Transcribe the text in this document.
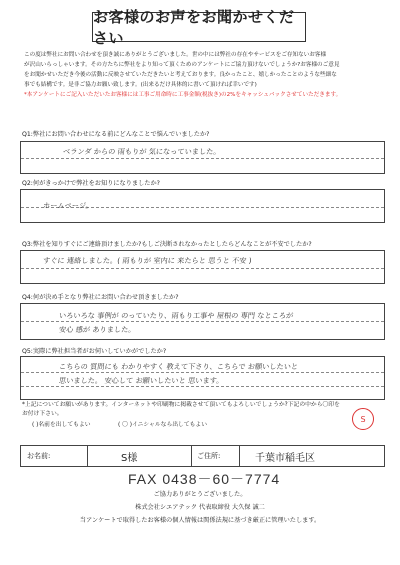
お客様のお声をお聞かせください

この度は弊社にお問い合わせを頂き誠にありがとうございました。世の中には弊社の存在やサービスをご存知ないお客様

が沢山いらっしゃいます。その方たちに弊社をより知って頂くためのアンケートにご協力頂けないでしょうか?お客様のご意見

をお聞かせいただき今後の活動に反映させていただきたいと考えております。良かったこと、嬉しかったことのような些細な

事でも結構です。是非ご協力お願い致します。(出来るだけ具体的に書いて頂ければ幸いです)

*本アンケートにご記入いただいたお客様には工事ご用命時に工事金額(税抜き)の2%をキャッシュバックさせていただきます。

Q1:弊社にお問い合わせになる前にどんなことで悩んでいましたか?
ベランダ からの 雨もりが 気になっていました。
Q2:何がきっかけで弊社をお知りになりましたか?
ホームページ。
Q3:弊社を知りすぐにご連絡頂けましたか?もしご決断されなかったとしたらどんなことが不安でしたか?
すぐに 連絡しました。( 雨もりが 室内に 来たらと 思うと 不安 )
Q4:何が決め手となり弊社にお問い合わせ頂きましたか?
いろいろな 事例が のっていたり、雨もり工事や 屋根の 専門 なところが
安心 感が ありました。
Q5:実際に弊社担当者がお伺いしていかがでしたか?
こちらの 質問にも わかりやすく 教えて下さり、こちらで お願いしたいと
思いました。 安心して お願いしたいと 思います。
*上記についてお願いがあります。インターネットや印刷物に掲載させて頂いてもよろしいでしょうか?下記の中から〇印を
お付け下さい。
( )名前を出してもよい	( 〇 )イニシャルなら出してもよい
S
お名前:	S様	ご住所:	千葉市稲毛区
FAX 0438－60－7774
ご協力ありがとうございました。
株式会社シエアテック 代表取締役 大久保 誠二
当アンケートで取得したお客様の個人情報は関係法規に基づき厳正に管理いたします。
